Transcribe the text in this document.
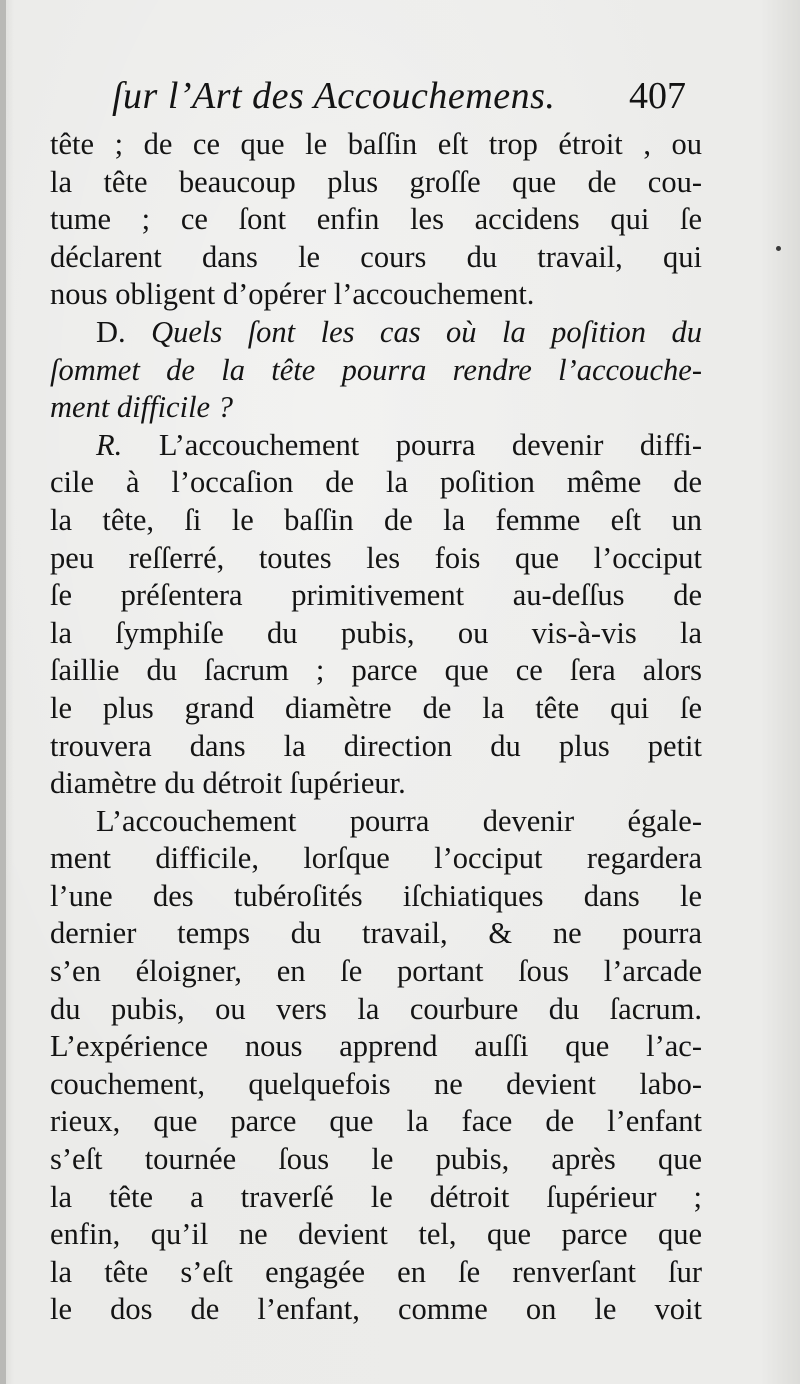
ſur l’Art des Accouchemens. 407
tête ; de ce que le baſſin eſt trop étroit , ou
la tête beaucoup plus groſſe que de cou-
tume ; ce ſont enfin les accidens qui ſe
déclarent dans le cours du travail, qui
nous obligent d’opérer l’accouchement.
D. Quels ſont les cas où la poſition du
ſommet de la tête pourra rendre l’accouche-
ment difficile ?
R. L’accouchement pourra devenir diffi-
cile à l’occaſion de la poſition même de
la tête, ſi le baſſin de la femme eſt un
peu reſſerré, toutes les fois que l’occiput
ſe préſentera primitivement au-deſſus de
la ſymphiſe du pubis, ou vis-à-vis la
ſaillie du ſacrum ; parce que ce ſera alors
le plus grand diamètre de la tête qui ſe
trouvera dans la direction du plus petit
diamètre du détroit ſupérieur.
L’accouchement pourra devenir égale-
ment difficile, lorſque l’occiput regardera
l’une des tubéroſités iſchiatiques dans le
dernier temps du travail, & ne pourra
s’en éloigner, en ſe portant ſous l’arcade
du pubis, ou vers la courbure du ſacrum.
L’expérience nous apprend auſſi que l’ac-
couchement, quelquefois ne devient labo-
rieux, que parce que la face de l’enfant
s’eſt tournée ſous le pubis, après que
la tête a traverſé le détroit ſupérieur ;
enfin, qu’il ne devient tel, que parce que
la tête s’eſt engagée en ſe renverſant ſur
le dos de l’enfant, comme on le voit
